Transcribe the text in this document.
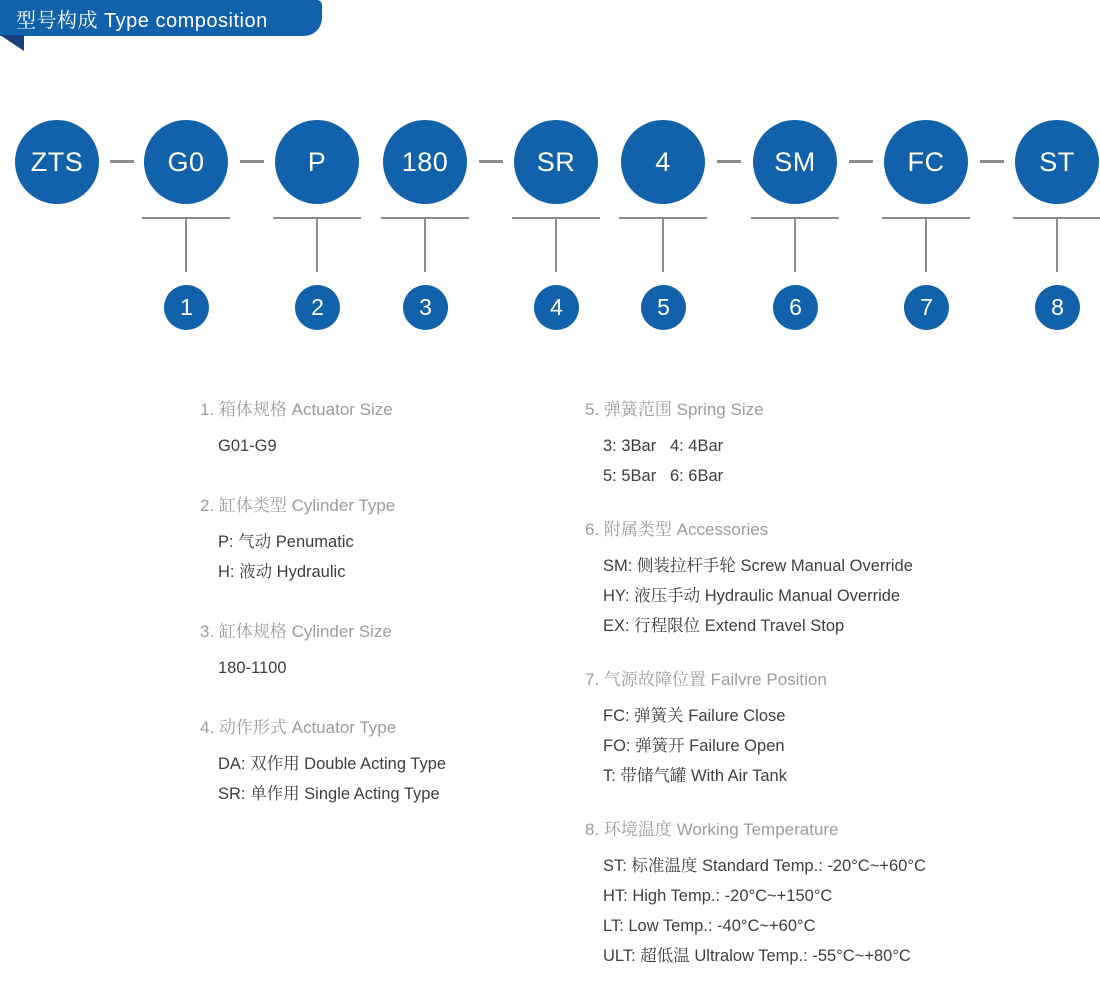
型号构成 Type composition
ZTS	G0
1
P
2
180
3
SR
4
4
5
SM
6
FC
7
ST
8
1. 箱体规格 Actuator Size
G01-G9
2. 缸体类型 Cylinder Type
P: 气动 Penumatic
H: 液动 Hydraulic
3. 缸体规格 Cylinder Size
180-1100
4. 动作形式 Actuator Type
DA: 双作用 Double Acting Type
SR: 单作用 Single Acting Type
5. 弹簧范围 Spring Size
3: 3Bar   4: 4Bar
5: 5Bar   6: 6Bar
6. 附属类型 Accessories
SM: 侧装拉杆手轮 Screw Manual Override
HY: 液压手动 Hydraulic Manual Override
EX: 行程限位 Extend Travel Stop
7. 气源故障位置 Failvre Position
FC: 弹簧关 Failure Close
FO: 弹簧开 Failure Open
T: 带储气罐 With Air Tank
8. 环境温度 Working Temperature
ST: 标准温度 Standard Temp.: -20°C~+60°C
HT: High Temp.: -20°C~+150°C
LT: Low Temp.: -40°C~+60°C
ULT: 超低温 Ultralow Temp.: -55°C~+80°C
